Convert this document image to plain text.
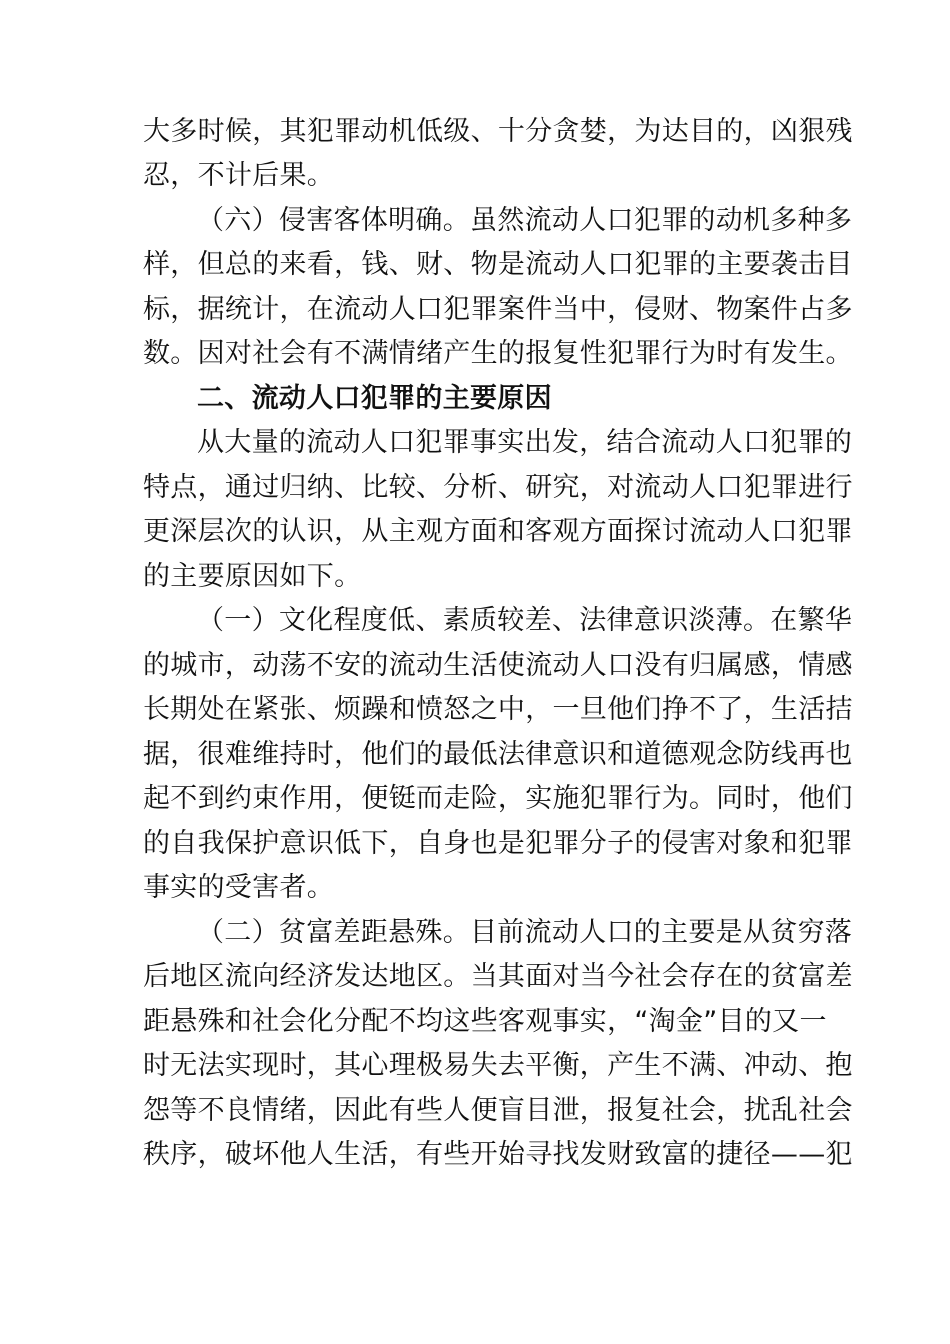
大多时候，其犯罪动机低级、十分贪婪，为达目的，凶狠残
忍，不计后果。
（六）侵害客体明确。虽然流动人口犯罪的动机多种多
样，但总的来看，钱、财、物是流动人口犯罪的主要袭击目
标，据统计，在流动人口犯罪案件当中，侵财、物案件占多
数。因对社会有不满情绪产生的报复性犯罪行为时有发生。
二、流动人口犯罪的主要原因
从大量的流动人口犯罪事实出发，结合流动人口犯罪的
特点，通过归纳、比较、分析、研究，对流动人口犯罪进行
更深层次的认识，从主观方面和客观方面探讨流动人口犯罪
的主要原因如下。
（一）文化程度低、素质较差、法律意识淡薄。在繁华
的城市，动荡不安的流动生活使流动人口没有归属感，情感
长期处在紧张、烦躁和愤怒之中，一旦他们挣不了，生活拮
据，很难维持时，他们的最低法律意识和道德观念防线再也
起不到约束作用，便铤而走险，实施犯罪行为。同时，他们
的自我保护意识低下，自身也是犯罪分子的侵害对象和犯罪
事实的受害者。
（二）贫富差距悬殊。目前流动人口的主要是从贫穷落
后地区流向经济发达地区。当其面对当今社会存在的贫富差
距悬殊和社会化分配不均这些客观事实，“淘金”目的又一
时无法实现时，其心理极易失去平衡，产生不满、冲动、抱
怨等不良情绪，因此有些人便盲目泄，报复社会，扰乱社会
秩序，破坏他人生活，有些开始寻找发财致富的捷径——犯
